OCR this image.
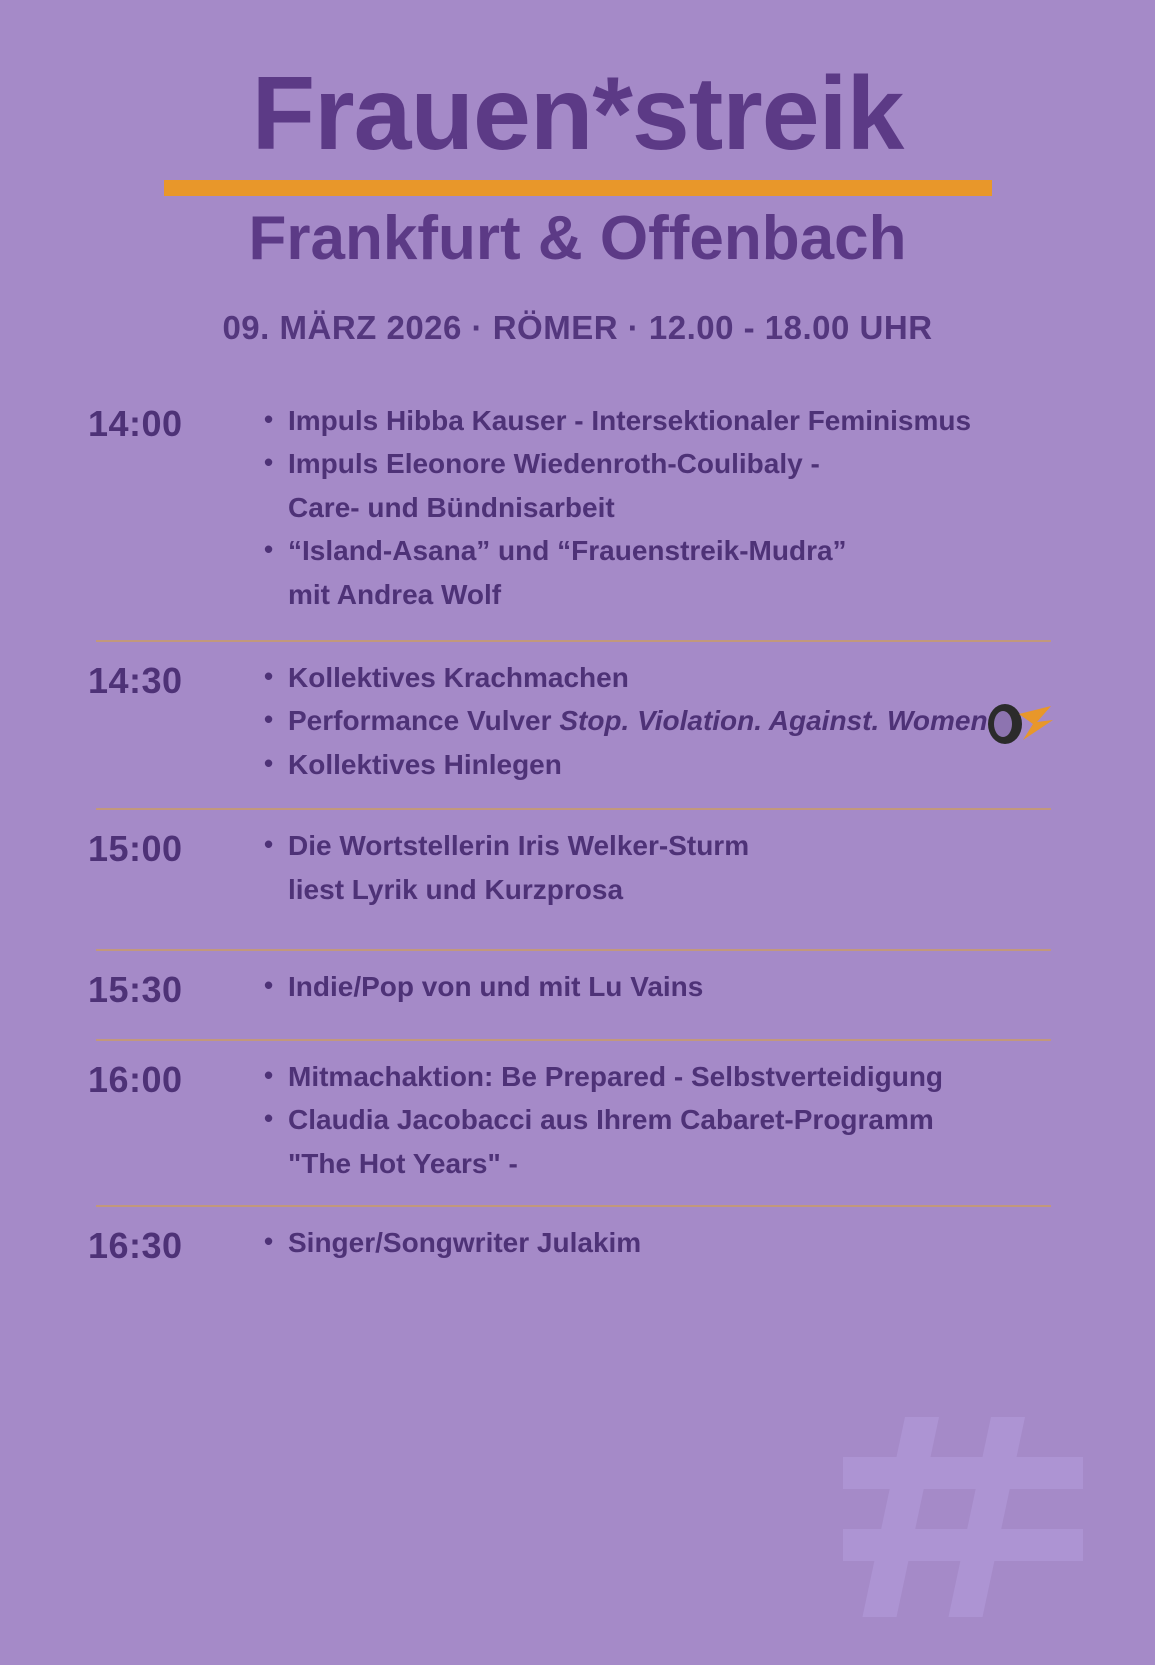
Frauen*streik
Frankfurt & Offenbach
09. MÄRZ 2026 · RÖMER · 12.00 - 18.00 UHR
14:00	• Impuls Hibba Kauser - Intersektionaler Feminismus
• Impuls Eleonore Wiedenroth-Coulibaly -
Care- und Bündnisarbeit
• “Island-Asana” und “Frauenstreik-Mudra”
mit Andrea Wolf
14:30	• Kollektives Krachmachen
• Performance Vulver Stop. Violation. Against. Women
• Kollektives Hinlegen
15:00	• Die Wortstellerin Iris Welker-Sturm
liest Lyrik und Kurzprosa
15:30	• Indie/Pop von und mit Lu Vains
16:00	• Mitmachaktion: Be Prepared - Selbstverteidigung
• Claudia Jacobacci aus Ihrem Cabaret-Programm
"The Hot Years" -
16:30	• Singer/Songwriter Julakim
